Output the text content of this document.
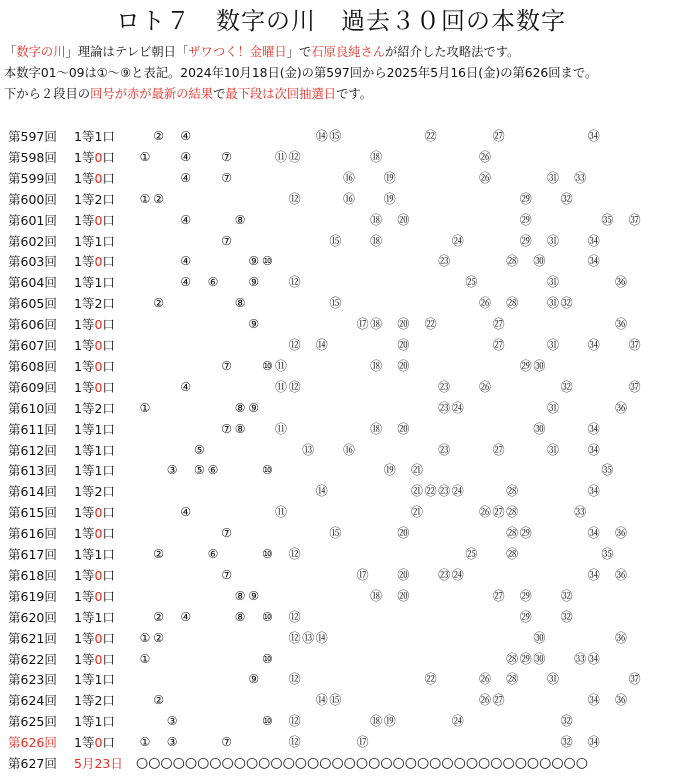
ロト７　数字の川　過去３０回の本数字
「数字の川」理論はテレビ朝日「ザワつく！金曜日」で石原良純さんが紹介した攻略法です。
本数字01〜09は①〜⑨と表記。2024年10月18日(金)の第597回から2025年5月16日(金)の第626回まで。
下から２段目の回号が赤が最新の結果で最下段は次回抽選日です。
第597回 1等1口	② ④	⑭ ⑮	㉒	㉗	㉞
第598回 1等0口 ①	④	⑦	⑪ ⑫	⑱	㉖
第599回 1等0口	④	⑦	⑯ ⑲	㉖	㉛ ㉝
第600回 1等2口 ① ②	⑫	⑯ ⑲	㉙ ㉜
第601回 1等0口	④	⑧	⑱ ⑳	㉙	㉟ ㊲
第602回 1等1口	⑦	⑮ ⑱	㉔	㉙ ㉛ ㉞
第603回 1等0口	④	⑨ ⑩	㉓	㉘ ㉚	㉞
第604回 1等1口	④ ⑥	⑨ ⑫	㉕	㉛	㊱
第605回 1等2口	②	⑧	⑮	㉖ ㉘ ㉛ ㉜
第606回 1等0口	⑨	⑰ ⑱ ⑳ ㉒	㉗	㊱
第607回 1等0口	⑫ ⑭	⑳	㉗	㉛ ㉞ ㊲
第608回 1等0口	⑦	⑩ ⑪	⑱ ⑳	㉙ ㉚
第609回 1等0口	④	⑪ ⑫	㉓ ㉖	㉜	㊲
第610回 1等2口 ①	⑧ ⑨	㉓ ㉔	㉛	㊱
第611回 1等1口	⑦ ⑧ ⑪	⑱ ⑳	㉚	㉞
第612回 1等1口	⑤	⑬ ⑯	㉓	㉗	㉛ ㉞
第613回 1等1口	③ ⑤ ⑥	⑩	⑲ ㉑	㉟
第614回 1等2口	⑭	㉑ ㉒ ㉓ ㉔	㉘	㉞
第615回 1等0口	④	⑪	㉑	㉖ ㉗ ㉘	㉝
第616回 1等0口	⑦	⑮	⑳	㉘ ㉙	㉞ ㊱
第617回 1等1口	②	⑥	⑩ ⑫	㉕ ㉘	㉟
第618回 1等0口	⑦	⑰ ⑳ ㉓ ㉔	㉞ ㊱
第619回 1等0口	⑧ ⑨	⑱ ⑳	㉗ ㉙ ㉜
第620回 1等1口	② ④	⑧ ⑩ ⑫	㉙ ㉜
第621回 1等0口 ① ②	⑫ ⑬ ⑭	㉚	㊱
第622回 1等0口 ①	⑩	㉘ ㉙ ㉚ ㉝ ㉞
第623回 1等1口	⑨ ⑫	㉒	㉖ ㉘ ㉛	㊲
第624回 1等2口	②	⑭ ⑮	㉖ ㉗	㉞ ㊱
第625回 1等1口	③	⑩ ⑫	⑱ ⑲	㉔	㉜
第626回 1等0口 ① ③	⑦	⑫	⑰	㉜ ㉞
第627回 5月23日 ○○○○○○○○○○○○○○○○○○○○○○○○○○○○○○○○○○○○○
